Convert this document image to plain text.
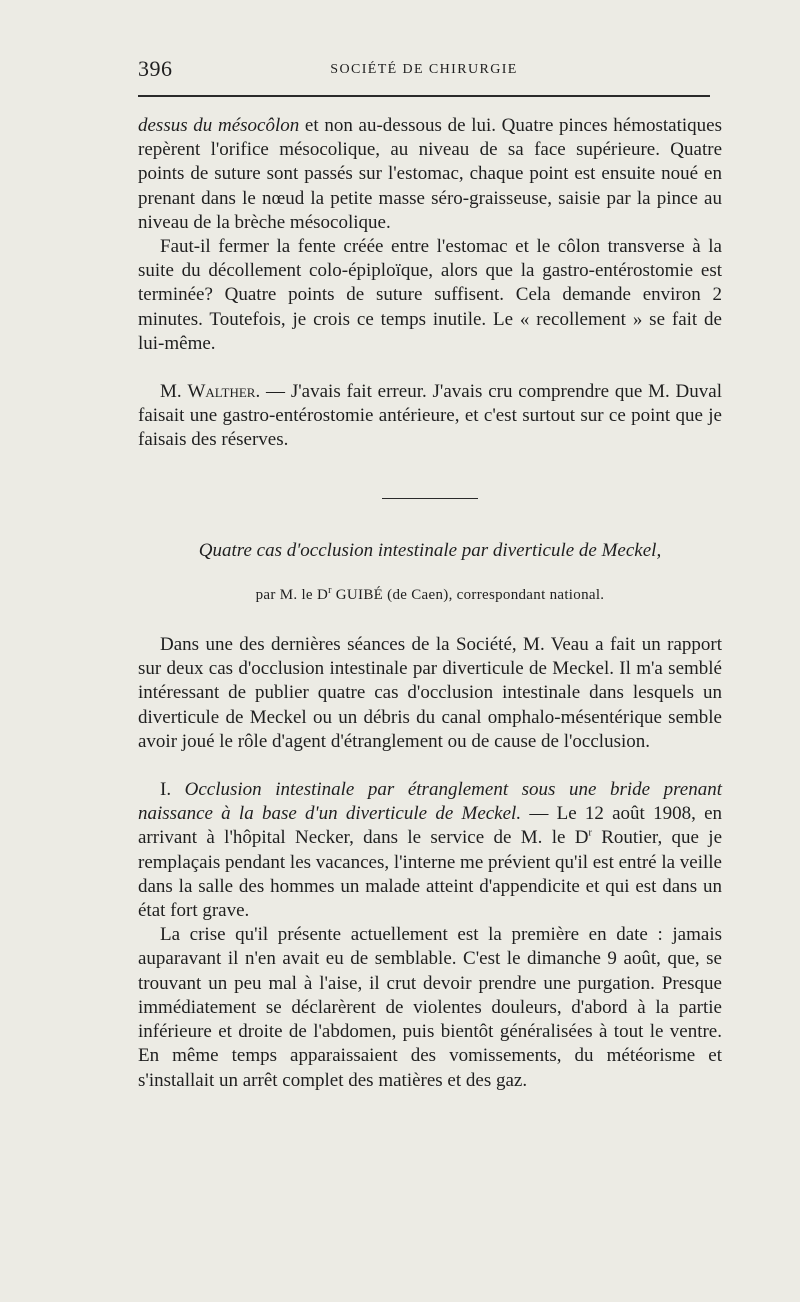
396	SOCIÉTÉ DE CHIRURGIE

dessus du mésocôlon et non au-dessous de lui. Quatre pinces hémostatiques repèrent l'orifice mésocolique, au niveau de sa face supérieure. Quatre points de suture sont passés sur l'estomac, chaque point est ensuite noué en prenant dans le nœud la petite masse séro-graisseuse, saisie par la pince au niveau de la brèche mésocolique.

Faut-il fermer la fente créée entre l'estomac et le côlon transverse à la suite du décollement colo-épiploïque, alors que la gastro-entérostomie est terminée? Quatre points de suture suffisent. Cela demande environ 2 minutes. Toutefois, je crois ce temps inutile. Le « recollement » se fait de lui-même.

M. Walther. — J'avais fait erreur. J'avais cru comprendre que M. Duval faisait une gastro-entérostomie antérieure, et c'est surtout sur ce point que je faisais des réserves.

Quatre cas d'occlusion intestinale par diverticule de Meckel,
par M. le $D^r$ GUIBÉ (de Caen), correspondant national.

Dans une des dernières séances de la Société, M. Veau a fait un rapport sur deux cas d'occlusion intestinale par diverticule de Meckel. Il m'a semblé intéressant de publier quatre cas d'occlusion intestinale dans lesquels un diverticule de Meckel ou un débris du canal omphalo-mésentérique semble avoir joué le rôle d'agent d'étranglement ou de cause de l'occlusion.

I. Occlusion intestinale par étranglement sous une bride prenant naissance à la base d'un diverticule de Meckel. — Le 12 août 1908, en arrivant à l'hôpital Necker, dans le service de M. le $D^r$ Routier, que je remplaçais pendant les vacances, l'interne me prévient qu'il est entré la veille dans la salle des hommes un malade atteint d'appendicite et qui est dans un état fort grave.

La crise qu'il présente actuellement est la première en date : jamais auparavant il n'en avait eu de semblable. C'est le dimanche 9 août, que, se trouvant un peu mal à l'aise, il crut devoir prendre une purgation. Presque immédiatement se déclarèrent de violentes douleurs, d'abord à la partie inférieure et droite de l'abdomen, puis bientôt généralisées à tout le ventre. En même temps apparaissaient des vomissements, du météorisme et s'installait un arrêt complet des matières et des gaz.
